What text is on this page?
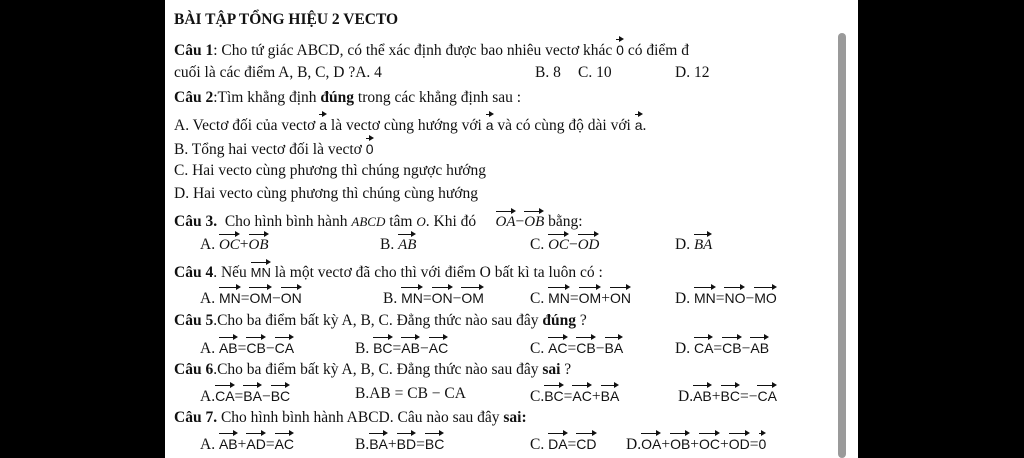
BÀI TẬP TỔNG HIỆU 2 VECTO
Câu 1: Cho tứ giác ABCD, có thể xác định được bao nhiêu vectơ khác 0 có điểm đ
cuối là các điểm A, B, C, D ?A. 4	B. 8 C. 10	D. 12
Câu 2:Tìm khẳng định đúng trong các khẳng định sau :
A. Vectơ đối của vectơ a là vectơ cùng hướng với a và có cùng độ dài với a.
B. Tổng hai vectơ đối là vectơ 0
C. Hai vecto cùng phương thì chúng ngược hướng
D. Hai vecto cùng phương thì chúng cùng hướng
Câu 3. Cho hình bình hành ABCD tâm O. Khi đó OA−OB bằng:
A. OC+OB	B. AB	C. OC−OD	D. BA
Câu 4. Nếu MN là một vectơ đã cho thì với điểm O bất kì ta luôn có :
A. MN=OM−ON	B. MN=ON−OM	C. MN=OM+ON	D. MN=NO−MO
Câu 5.Cho ba điểm bất kỳ A, B, C. Đẳng thức nào sau đây đúng ?
A. AB=CB−CA	B. BC=AB−AC	C. AC=CB−BA	D. CA=CB−AB
Câu 6.Cho ba điểm bất kỳ A, B, C. Đẳng thức nào sau đây sai ?
A.CA=BA−BC	B.AB = CB − CA	C.BC=AC+BA	D.AB+BC=−CA
Câu 7. Cho hình bình hành ABCD. Câu nào sau đây sai:
A. AB+AD=AC	B.BA+BD=BC	C. DA=CD D.OA+OB+OC+OD=0
